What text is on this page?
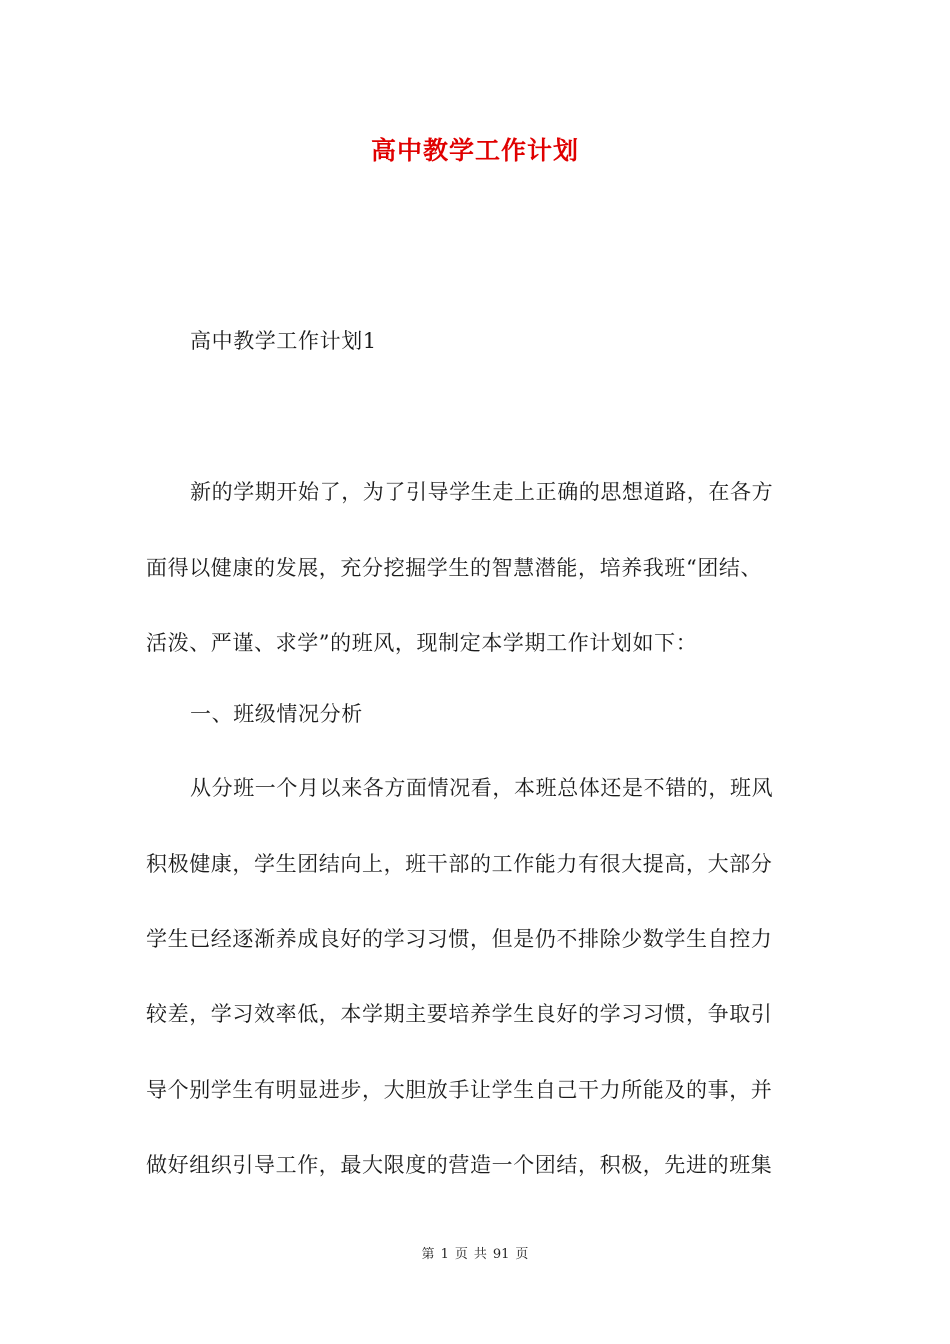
高中教学工作计划
高中教学工作计划1
新的学期开始了，为了引导学生走上正确的思想道路，在各方
面得以健康的发展，充分挖掘学生的智慧潜能，培养我班“团结、
活泼、严谨、求学”的班风，现制定本学期工作计划如下：
一、班级情况分析
从分班一个月以来各方面情况看，本班总体还是不错的，班风
积极健康，学生团结向上，班干部的工作能力有很大提高，大部分
学生已经逐渐养成良好的学习习惯，但是仍不排除少数学生自控力
较差，学习效率低，本学期主要培养学生良好的学习习惯，争取引
导个别学生有明显进步，大胆放手让学生自己干力所能及的事，并
做好组织引导工作，最大限度的营造一个团结，积极，先进的班集
第 1 页 共 91 页
